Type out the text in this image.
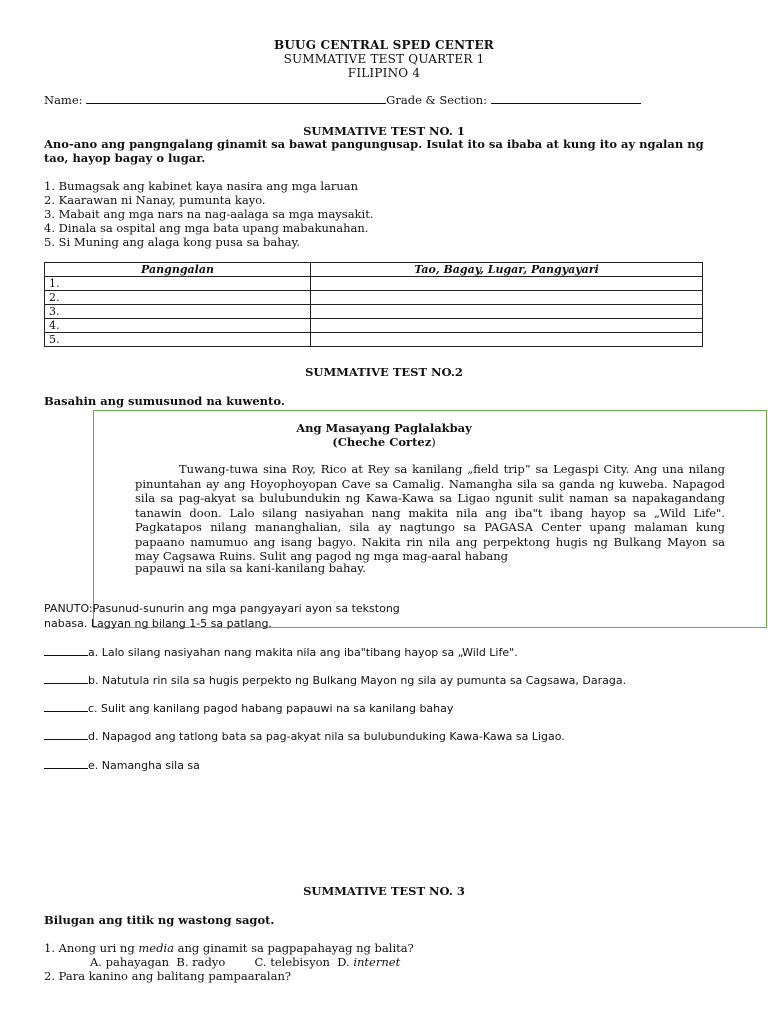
BUUG CENTRAL SPED CENTER
SUMMATIVE TEST QUARTER 1
FILIPINO 4
Name:	Grade & Section:
SUMMATIVE TEST NO. 1
Ano-ano ang pangngalang ginamit sa bawat pangungusap. Isulat ito sa ibaba at kung ito ay ngalan ng tao, hayop bagay o lugar.
1. Bumagsak ang kabinet kaya nasira ang mga laruan
2. Kaarawan ni Nanay, pumunta kayo.
3. Mabait ang mga nars na nag-aalaga sa mga maysakit.
4. Dinala sa ospital ang mga bata upang mabakunahan.
5. Si Muning ang alaga kong pusa sa bahay.
Pangngalan	Tao, Bagay, Lugar, Pangyayari
1.	
2.	
3.	
4.	
5.	
SUMMATIVE TEST NO.2
Basahin ang sumusunod na kuwento.
Ang Masayang Paglalakbay
(Cheche Cortez)
Tuwang-tuwa sina Roy, Rico at Rey sa kanilang „field trip” sa Legaspi City. Ang una nilang pinuntahan ay ang Hoyophoyopan Cave sa Camalig. Namangha sila sa ganda ng kuweba. Napagod sila sa pag-akyat sa bulubundukin ng Kawa-Kawa sa Ligao ngunit sulit naman sa napakagandang tanawin doon. Lalo silang nasiyahan nang makita nila ang iba"t ibang hayop sa „Wild Life". Pagkatapos nilang mananghalian, sila ay nagtungo sa PAGASA Center upang malaman kung papaano namumuo ang isang bagyo. Nakita rin nila ang perpektong hugis ng Bulkang Mayon sa may Cagsawa Ruins. Sulit ang pagod ng mga mag-aaral habang
papauwi na sila sa kani-kanilang bahay.
PANUTO:Pasunud-sunurin ang mga pangyayari ayon sa tekstong
nabasa. Lagyan ng bilang 1-5 sa patlang.
a. Lalo silang nasiyahan nang makita nila ang iba"tibang hayop sa „Wild Life".
b. Natutula rin sila sa hugis perpekto ng Bulkang Mayon ng sila ay pumunta sa Cagsawa, Daraga.
c. Sulit ang kanilang pagod habang papauwi na sa kanilang bahay
d. Napagod ang tatlong bata sa pag-akyat nila sa bulubunduking Kawa-Kawa sa Ligao.
e. Namangha sila sa
SUMMATIVE TEST NO. 3
Bilugan ang titik ng wastong sagot.
1. Anong uri ng media ang ginamit sa pagpapahayag ng balita?
A. pahayagan  B. radyo        C. telebisyon  D. internet
2. Para kanino ang balitang pampaaralan?
